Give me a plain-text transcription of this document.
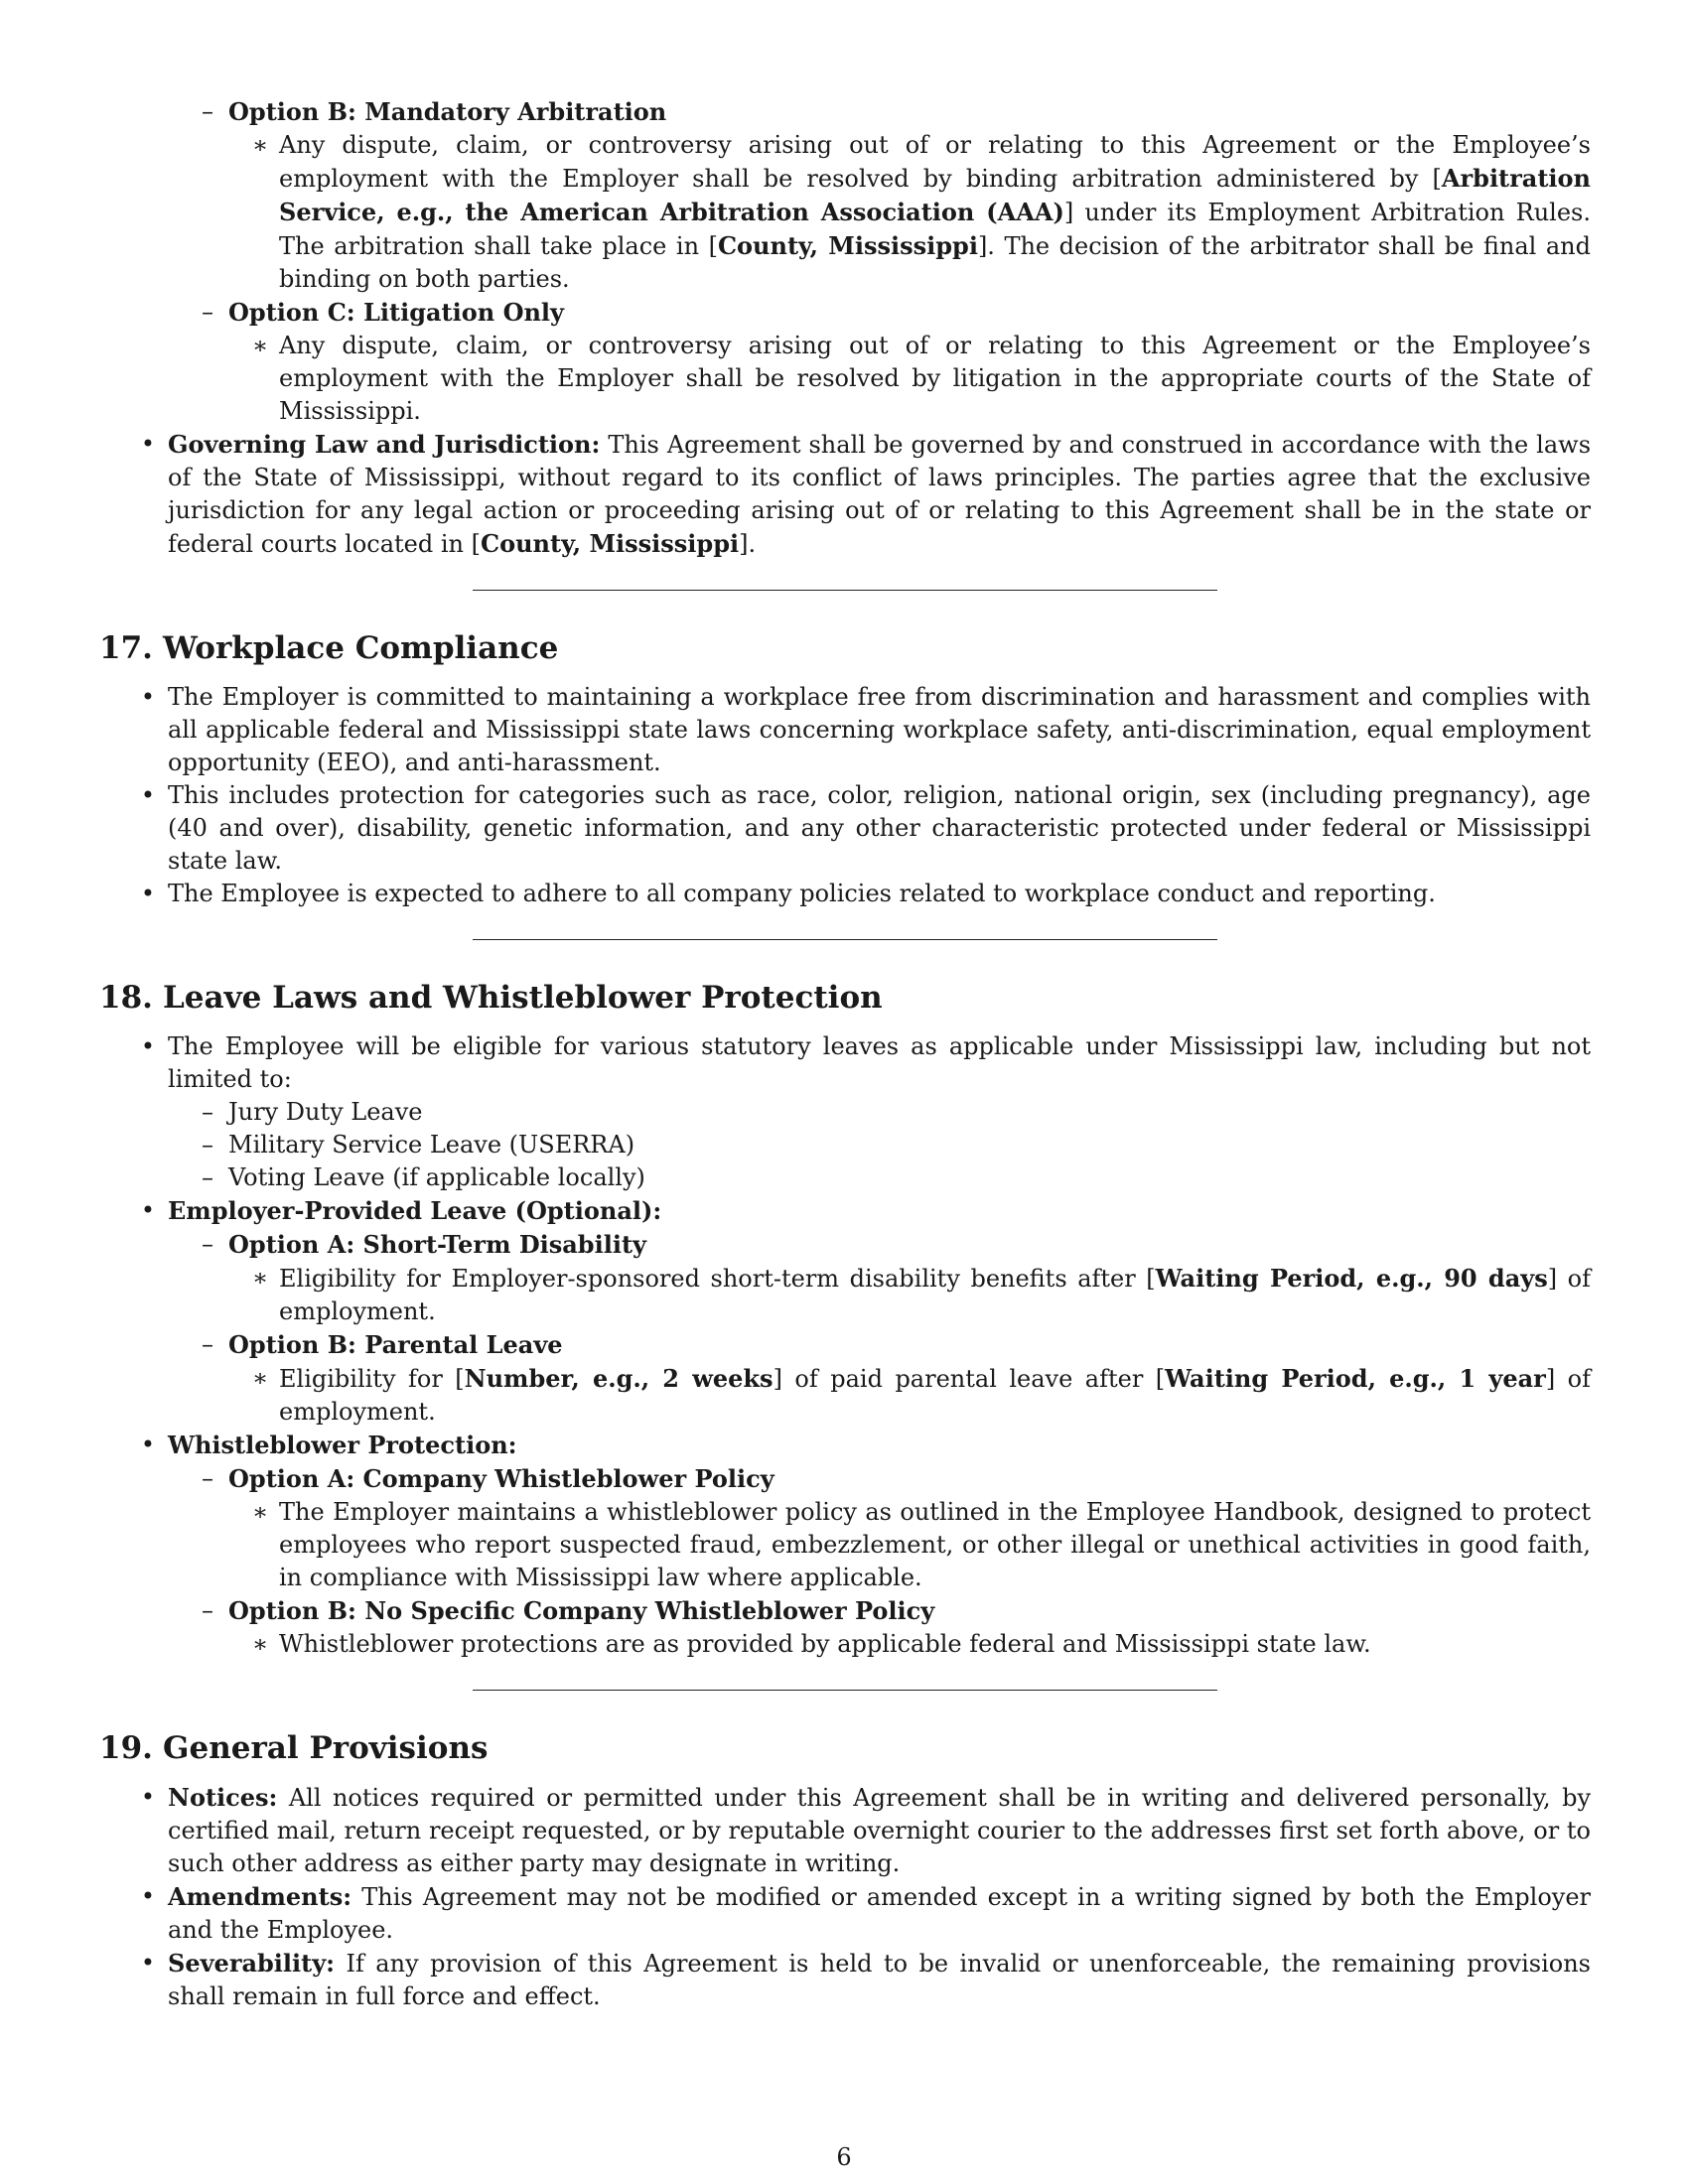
– Option B: Mandatory Arbitration
∗ Any dispute, claim, or controversy arising out of or relating to this Agreement or the Employee’s employment with the Employer shall be resolved by binding arbitration administered by [Arbitration Service, e.g., the American Arbitration Association (AAA)] under its Employment Arbitration Rules. The arbitration shall take place in [County, Mississippi]. The decision of the arbitrator shall be final and binding on both parties.
– Option C: Litigation Only
∗ Any dispute, claim, or controversy arising out of or relating to this Agreement or the Employee’s employment with the Employer shall be resolved by litigation in the appropriate courts of the State of Mississippi.
• Governing Law and Jurisdiction: This Agreement shall be governed by and construed in accordance with the laws of the State of Mississippi, without regard to its conflict of laws principles. The parties agree that the exclusive jurisdiction for any legal action or proceeding arising out of or relating to this Agreement shall be in the state or federal courts located in [County, Mississippi].
17. Workplace Compliance
• The Employer is committed to maintaining a workplace free from discrimination and harassment and complies with all applicable federal and Mississippi state laws concerning workplace safety, anti-discrimination, equal employment opportunity (EEO), and anti-harassment.
• This includes protection for categories such as race, color, religion, national origin, sex (including pregnancy), age (40 and over), disability, genetic information, and any other characteristic protected under federal or Mississippi state law.
• The Employee is expected to adhere to all company policies related to workplace conduct and reporting.
18. Leave Laws and Whistleblower Protection
• The Employee will be eligible for various statutory leaves as applicable under Mississippi law, including but not limited to:
– Jury Duty Leave
– Military Service Leave (USERRA)
– Voting Leave (if applicable locally)
• Employer-Provided Leave (Optional):
– Option A: Short-Term Disability
∗ Eligibility for Employer-sponsored short-term disability benefits after [Waiting Period, e.g., 90 days] of employment.
– Option B: Parental Leave
∗ Eligibility for [Number, e.g., 2 weeks] of paid parental leave after [Waiting Period, e.g., 1 year] of employment.
• Whistleblower Protection:
– Option A: Company Whistleblower Policy
∗ The Employer maintains a whistleblower policy as outlined in the Employee Handbook, designed to protect employees who report suspected fraud, embezzlement, or other illegal or unethical activities in good faith, in compliance with Mississippi law where applicable.
– Option B: No Specific Company Whistleblower Policy
∗ Whistleblower protections are as provided by applicable federal and Mississippi state law.
19. General Provisions
• Notices: All notices required or permitted under this Agreement shall be in writing and delivered personally, by certified mail, return receipt requested, or by reputable overnight courier to the addresses first set forth above, or to such other address as either party may designate in writing.
• Amendments: This Agreement may not be modified or amended except in a writing signed by both the Employer and the Employee.
• Severability: If any provision of this Agreement is held to be invalid or unenforceable, the remaining provisions shall remain in full force and effect.
6
